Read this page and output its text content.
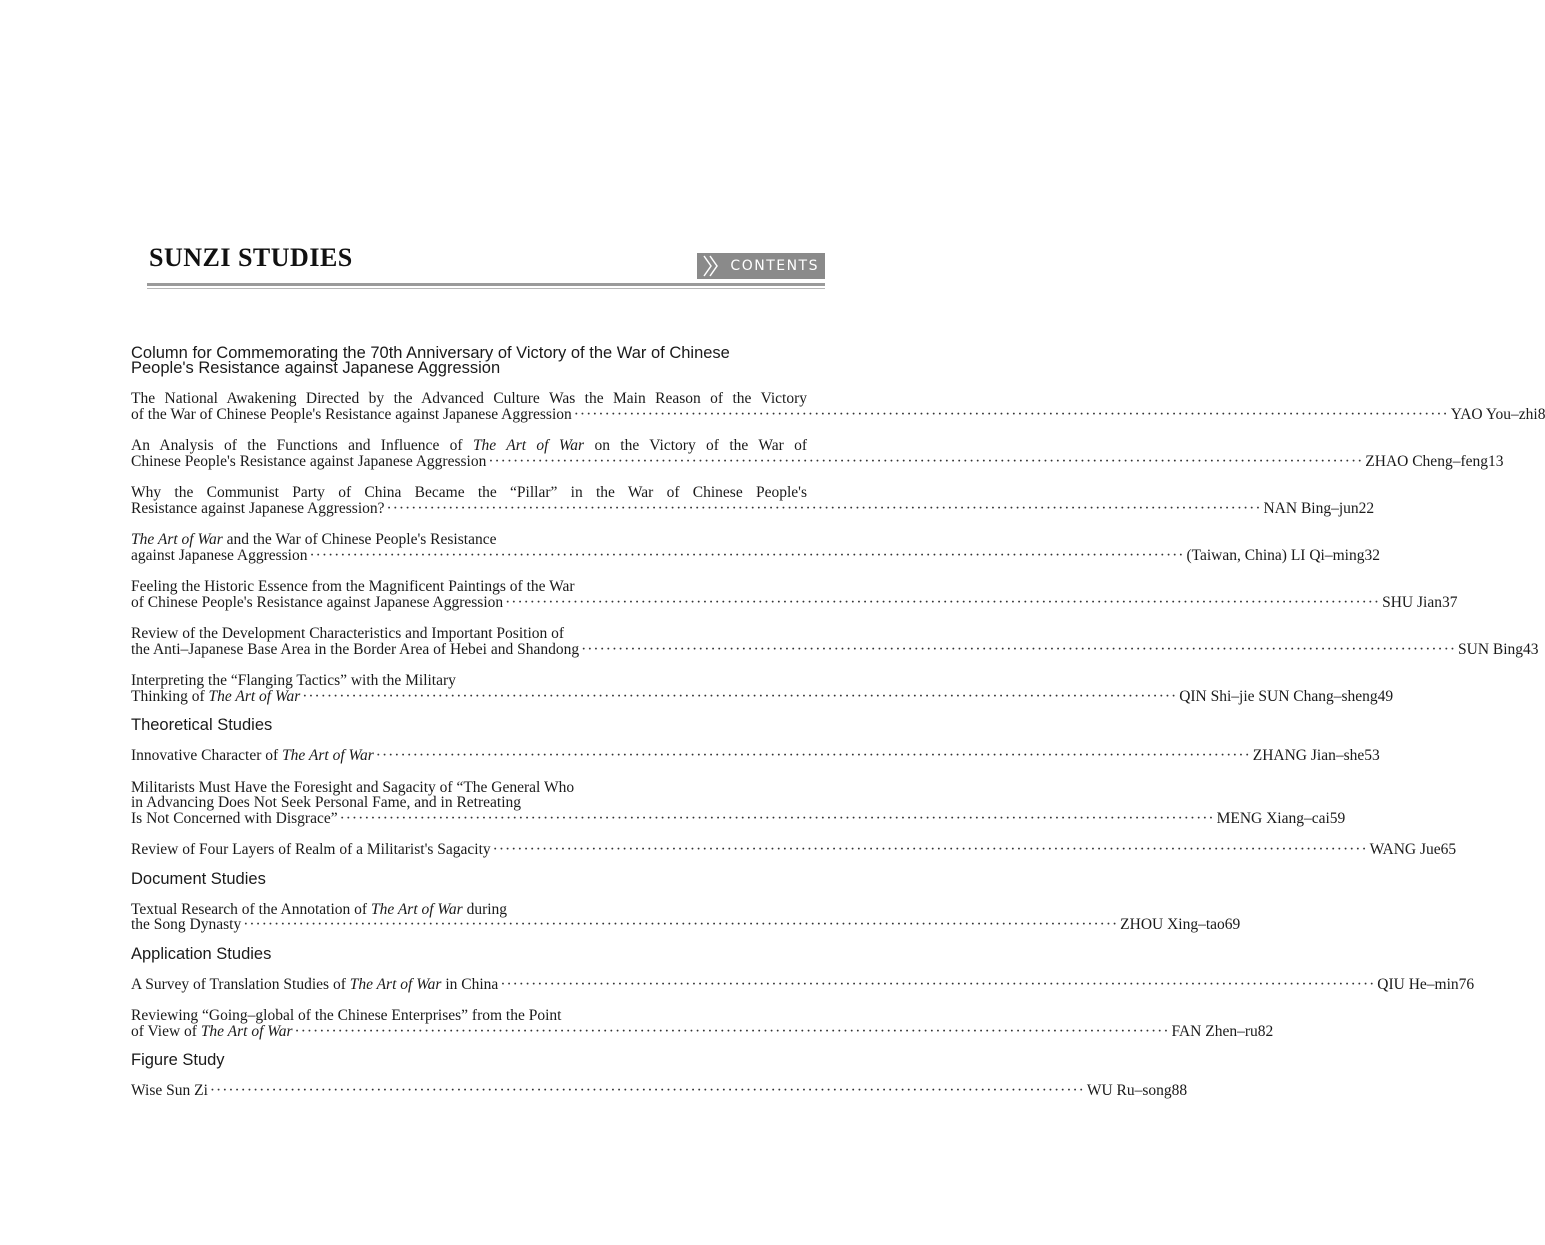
SUNZI STUDIES	CONTENTS
Column for Commemorating the 70th Anniversary of Victory of the War of Chinese
People's Resistance against Japanese Aggression
The National Awakening Directed by the Advanced Culture Was the Main Reason of the Victory
of the War of Chinese People's Resistance against Japanese Aggression ·············································································································································· YAO You–zhi8
An Analysis of the Functions and Influence of The Art of War on the Victory of the War of
Chinese People's Resistance against Japanese Aggression ·············································································································································· ZHAO Cheng–feng13
Why the Communist Party of China Became the “Pillar” in the War of Chinese People's
Resistance against Japanese Aggression? ·············································································································································· NAN Bing–jun22
The Art of War and the War of Chinese People's Resistance
against Japanese Aggression ·············································································································································· (Taiwan, China) LI Qi–ming32
Feeling the Historic Essence from the Magnificent Paintings of the War
of Chinese People's Resistance against Japanese Aggression ·············································································································································· SHU Jian37
Review of the Development Characteristics and Important Position of
the Anti–Japanese Base Area in the Border Area of Hebei and Shandong ·············································································································································· SUN Bing43
Interpreting the “Flanging Tactics” with the Military
Thinking of The Art of War ·············································································································································· QIN Shi–jie SUN Chang–sheng49
Theoretical Studies
Innovative Character of The Art of War ·············································································································································· ZHANG Jian–she53
Militarists Must Have the Foresight and Sagacity of “The General Who
in Advancing Does Not Seek Personal Fame, and in Retreating
Is Not Concerned with Disgrace” ·············································································································································· MENG Xiang–cai59
Review of Four Layers of Realm of a Militarist's Sagacity ·············································································································································· WANG Jue65
Document Studies
Textual Research of the Annotation of The Art of War during
the Song Dynasty ·············································································································································· ZHOU Xing–tao69
Application Studies
A Survey of Translation Studies of The Art of War in China ·············································································································································· QIU He–min76
Reviewing “Going–global of the Chinese Enterprises” from the Point
of View of The Art of War ·············································································································································· FAN Zhen–ru82
Figure Study
Wise Sun Zi ·············································································································································· WU Ru–song88
